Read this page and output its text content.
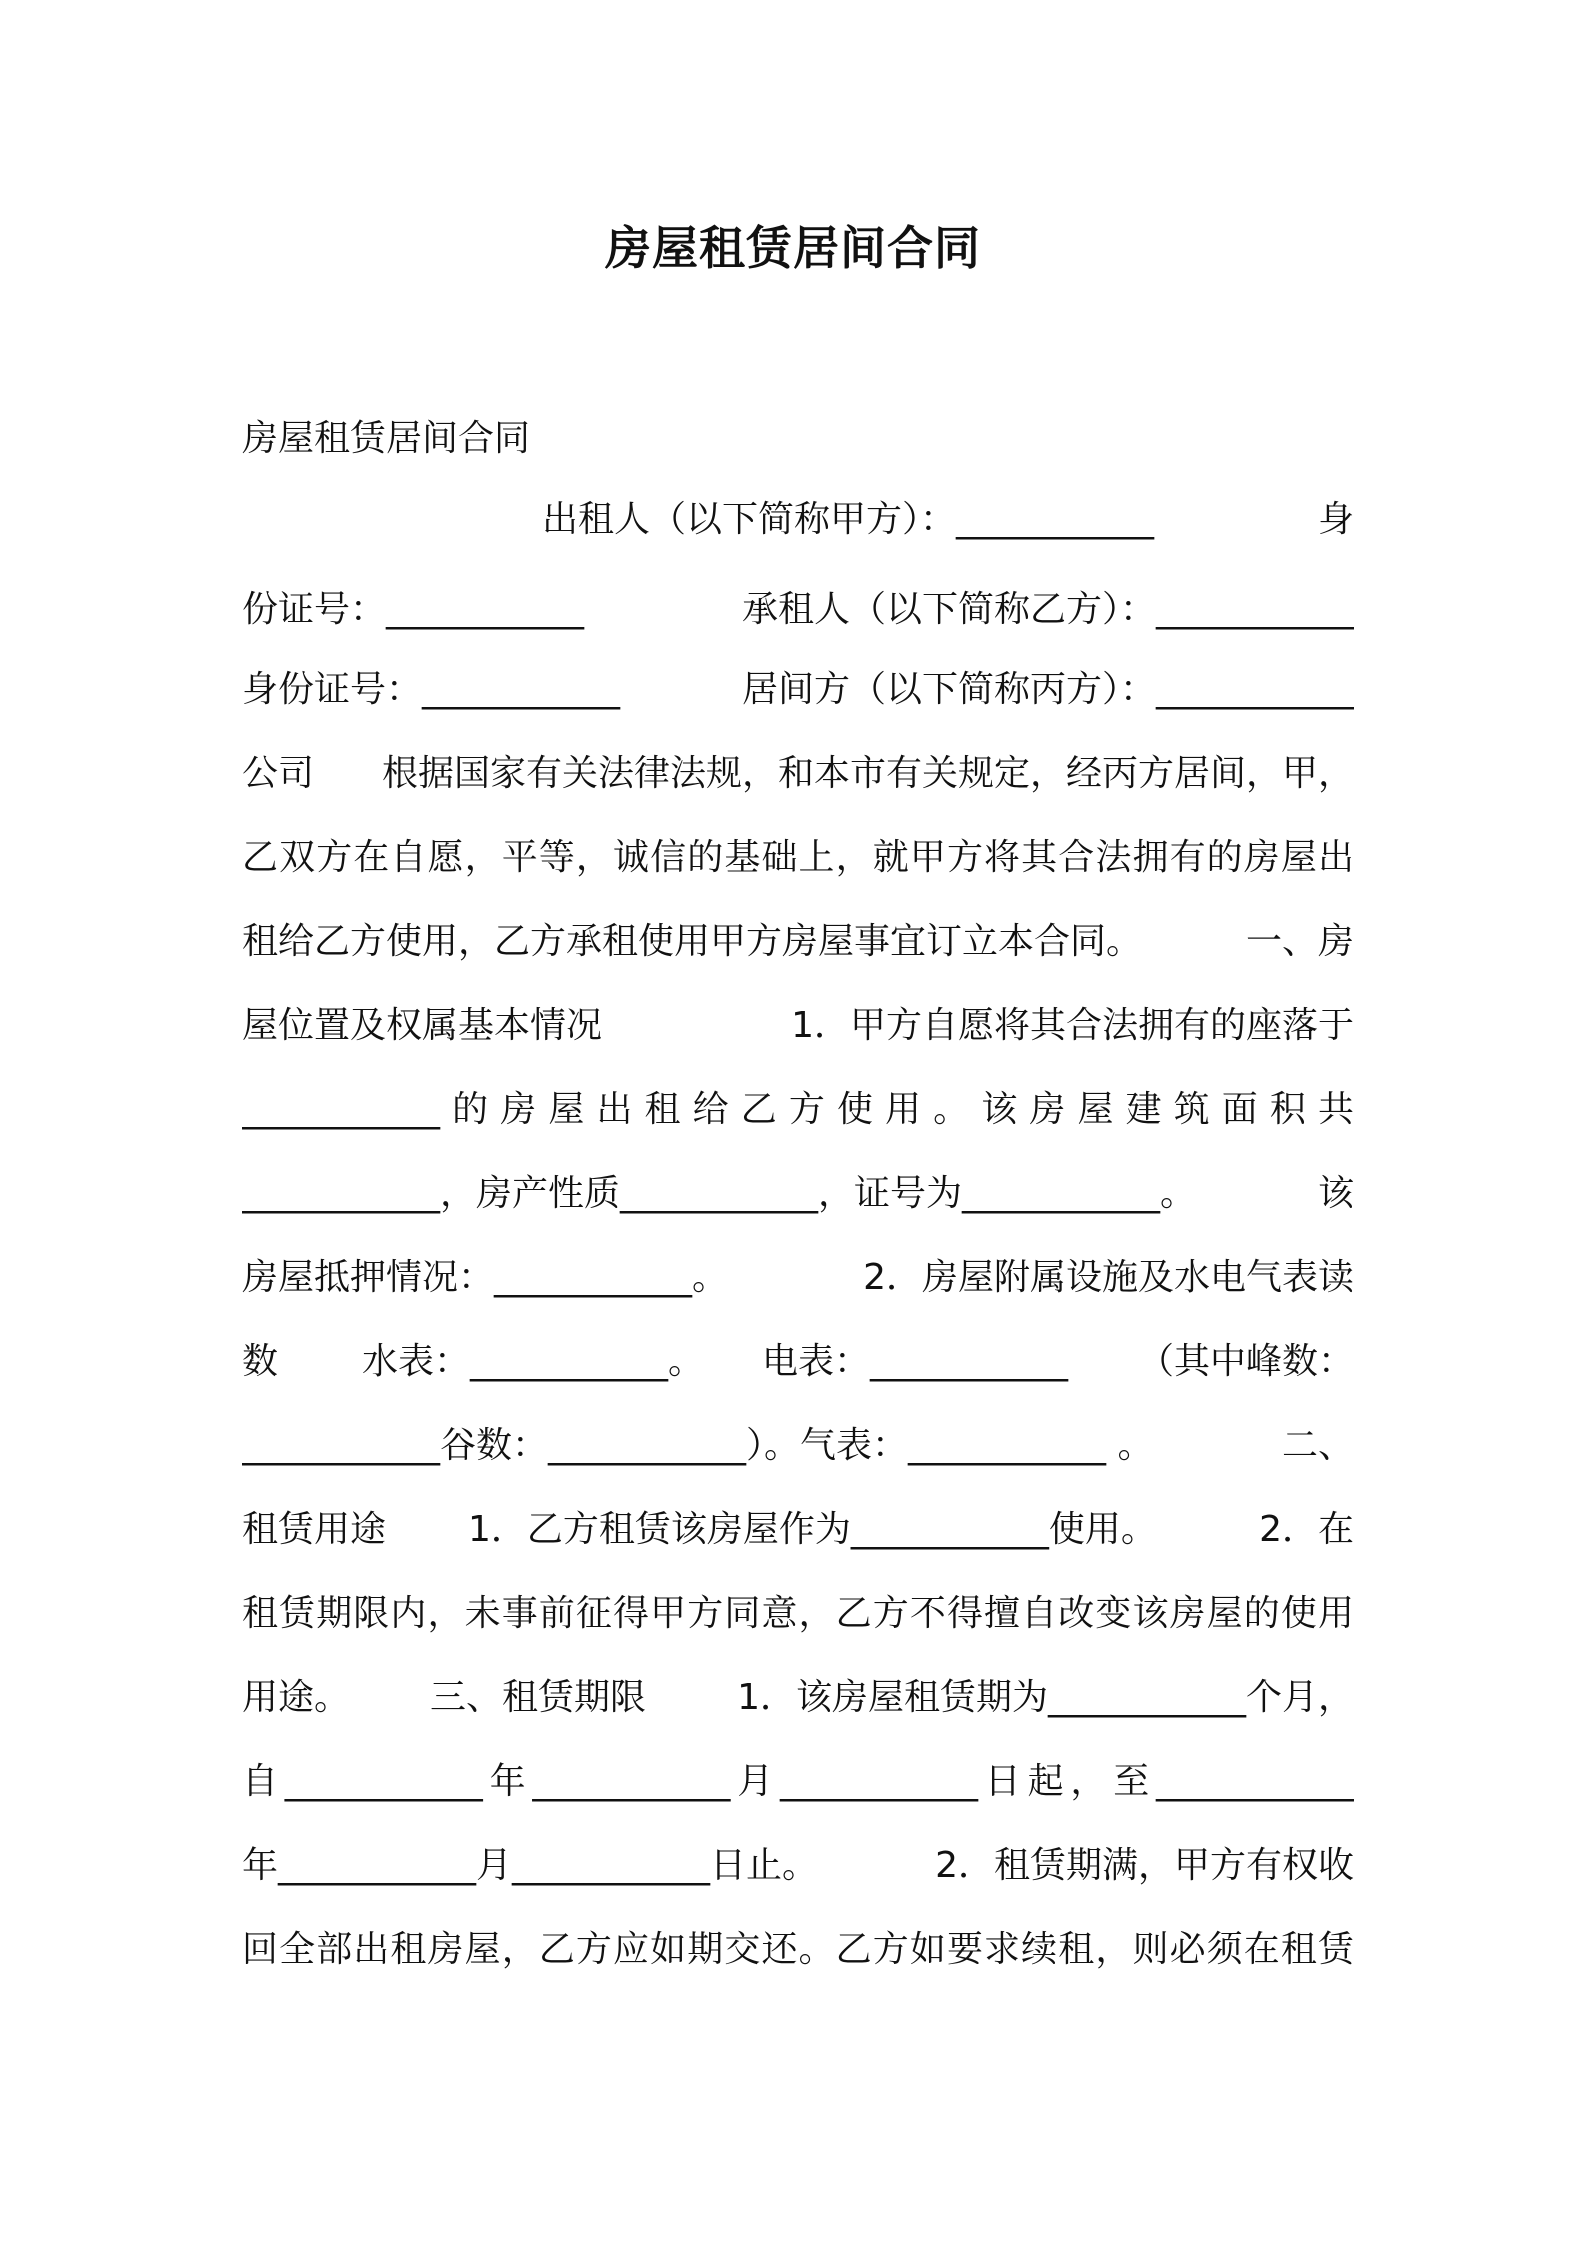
房屋租赁居间合同
房屋租赁居间合同
出租人（以下简称甲方）：___________	身
份证号：___________	承租人（以下简称乙方）：___________
身份证号：___________	居间方（以下简称丙方）：___________
公司 根据国家有关法律法规，和本市有关规定，经丙方居间，甲，
乙双方在自愿，平等，诚信的基础上，就甲方将其合法拥有的房屋出
租给乙方使用，乙方承租使用甲方房屋事宜订立本合同。	一、房
屋位置及权属基本情况	1．甲方自愿将其合法拥有的座落于
___________的房屋出租给乙方使用。该房屋建筑面积共
___________，房产性质___________，证号为___________。	该
房屋抵押情况：___________。	2．房屋附属设施及水电气表读
数 水表：___________。 电表：___________ （其中峰数：
___________谷数：___________）。气表：___________ 。	二、
租赁用途 1．乙方租赁该房屋作为___________使用。	2．在
租赁期限内，未事前征得甲方同意，乙方不得擅自改变该房屋的使用
用途。 三、租赁期限	1．该房屋租赁期为___________个月，
自___________年___________月___________日起，至___________
年___________月___________日止。	2．租赁期满，甲方有权收
回全部出租房屋，乙方应如期交还。乙方如要求续租，则必须在租赁
